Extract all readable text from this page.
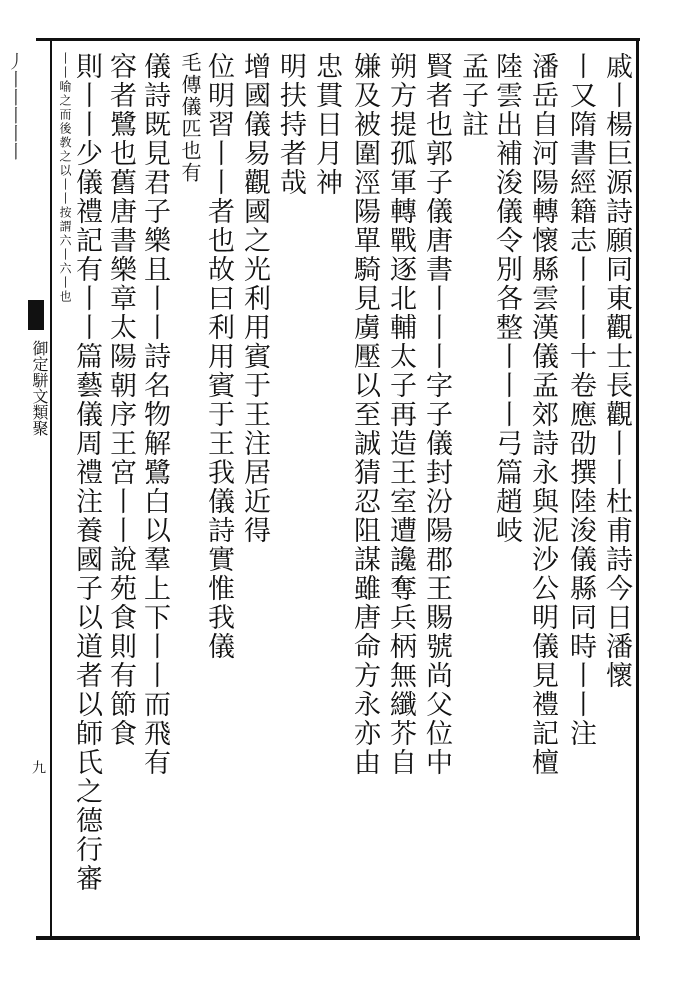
丿丨丨丨丨丨
御定駢文類聚
九
戚丨楊巨源詩願同東觀士長觀丨丨杜甫詩今日潘懷
丨又隋書經籍志丨丨丨十卷應劭撰陸浚儀縣同時丨丨注
潘岳自河陽轉懷縣雲漢儀孟郊詩永與泥沙公明儀見禮記檀
陸雲出補浚儀令別各整丨丨丨弓篇趙岐
孟子註
賢者也郭子儀唐書丨丨丨字子儀封汾陽郡王賜號尚父位中
朔方提孤軍轉戰逐北輔太子再造王室遭讒奪兵柄無纖芥自
嫌及被圍涇陽單騎見虜壓以至誠猜忍阻謀雖唐命方永亦由
忠貫日月神
明扶持者哉
增國儀易觀國之光利用賓于王注居近得
位明習丨丨者也故曰利用賓于王我儀詩實惟我儀
毛傳儀匹也有
儀詩既見君子樂且丨丨詩名物解鷺白以羣上下丨丨而飛有
容者鷺也舊唐書樂章太陽朝序王宮丨丨說苑食則有節食
則丨丨少儀禮記有丨丨篇藝儀周禮注養國子以道者以師氏之德行審
丨丨喻之而後教之以丨丨按謂六丨六丨也
